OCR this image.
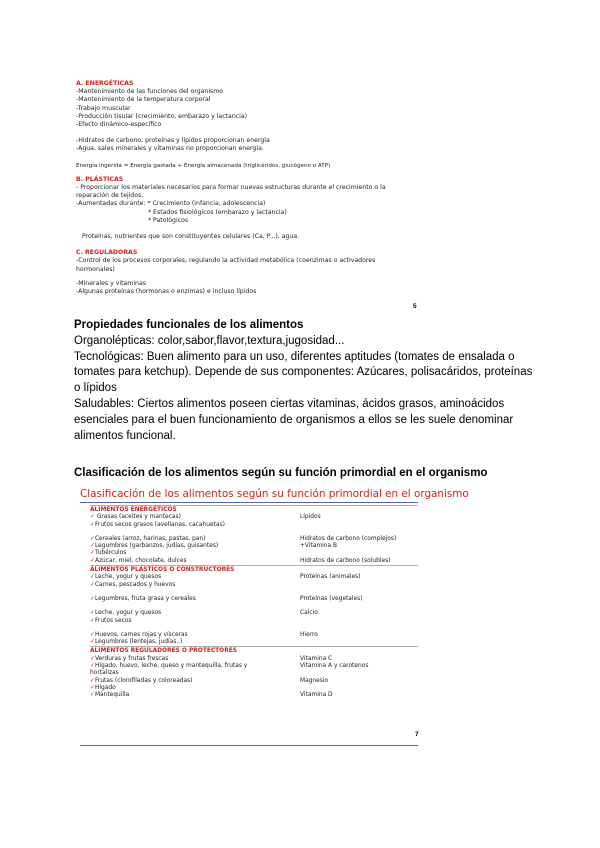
A. ENERGÉTICAS

-Mantenimiento de las funciones del organismo

-Mantenimiento de la temperatura corporal

-Trabajo muscular

-Producción tisular (crecimiento, embarazo y lactancia)

-Efecto dinámico-específico

-Hidratos de carbono, proteínas y lípidos proporcionan energía

-Agua, sales minerales y vitaminas no proporcionan energía.

Energía ingerida = Energía gastada + Energía almacenada (triglicéridos, glucógeno o ATP)

B. PLÁSTICAS

- Proporcionar los materiales necesarios para formar nuevas estructuras durante el crecimiento o la

reparación de tejidos.

-Aumentadas durante: * Crecimiento (infancia, adolescencia)

* Estados fisiológicos (embarazo y lactancia)

* Patológicos

Proteínas, nutrientes que son constituyentes celulares (Ca, P...), agua.

C. REGULADORAS

-Control de los procesos corporales, regulando la actividad metabólica (coenzimas o activadores

hormonales)

-Minerales y vitaminas

-Algunas proteínas (hormonas o enzimas) e incluso lípidos

5

Propiedades funcionales de los alimentos

Organolépticas: color,sabor,flavor,textura,jugosidad...

Tecnológicas: Buen alimento para un uso, diferentes aptitudes (tomates de ensalada o tomates para ketchup). Depende de sus componentes: Azúcares, polisacáridos, proteínas o lípidos

Saludables: Ciertos alimentos poseen ciertas vitaminas, ácidos grasos, aminoácidos esenciales para el buen funcionamiento de organismos a ellos se les suele denominar alimentos funcional.

Clasificación de los alimentos según su función primordial en el organismo

Clasificación de los alimentos según su función primordial en el organismo
ALIMENTOS ENERGÉTICOS	
✓ Grasas (aceites y mantecas)	Lípidos
✓Frutos secos grasos (avellanas, cacahuetas)	

✓Cereales (arroz, harinas, pastas, pan)	Hidratos de carbono (complejos)
✓Legumbres (garbanzos, judías, guisantes)	+Vitamina B
✓Tubérculos	
✓Azúcar, miel, chocolate, dulces	Hidratos de carbono (solubles)
ALIMENTOS PLÁSTICOS O CONSTRUCTORES	
✓Leche, yogur y quesos	Proteínas (animales)
✓Carnes, pescados y huevos	

✓Legumbres, fruta grasa y cereales	Proteínas (vegetales)

✓Leche, yogur y quesos	Calcio
✓Frutos secos	

✓Huevos, carnes rojas y vísceras	Hierro
✓Legumbres (lentejas, judías..)	
ALIMENTOS REGULADORES O PROTECTORES	
✓Verduras y frutas frescas	Vitamina C
✓Hígado, huevo, leche, queso y mantequilla, frutas y	Vitamina A y carotenos
hortalizas	
✓Frutas (clorofiladas y coloreadas)	Magnesio
✓Hígado	
✓Mantequilla	Vitamina D
7
